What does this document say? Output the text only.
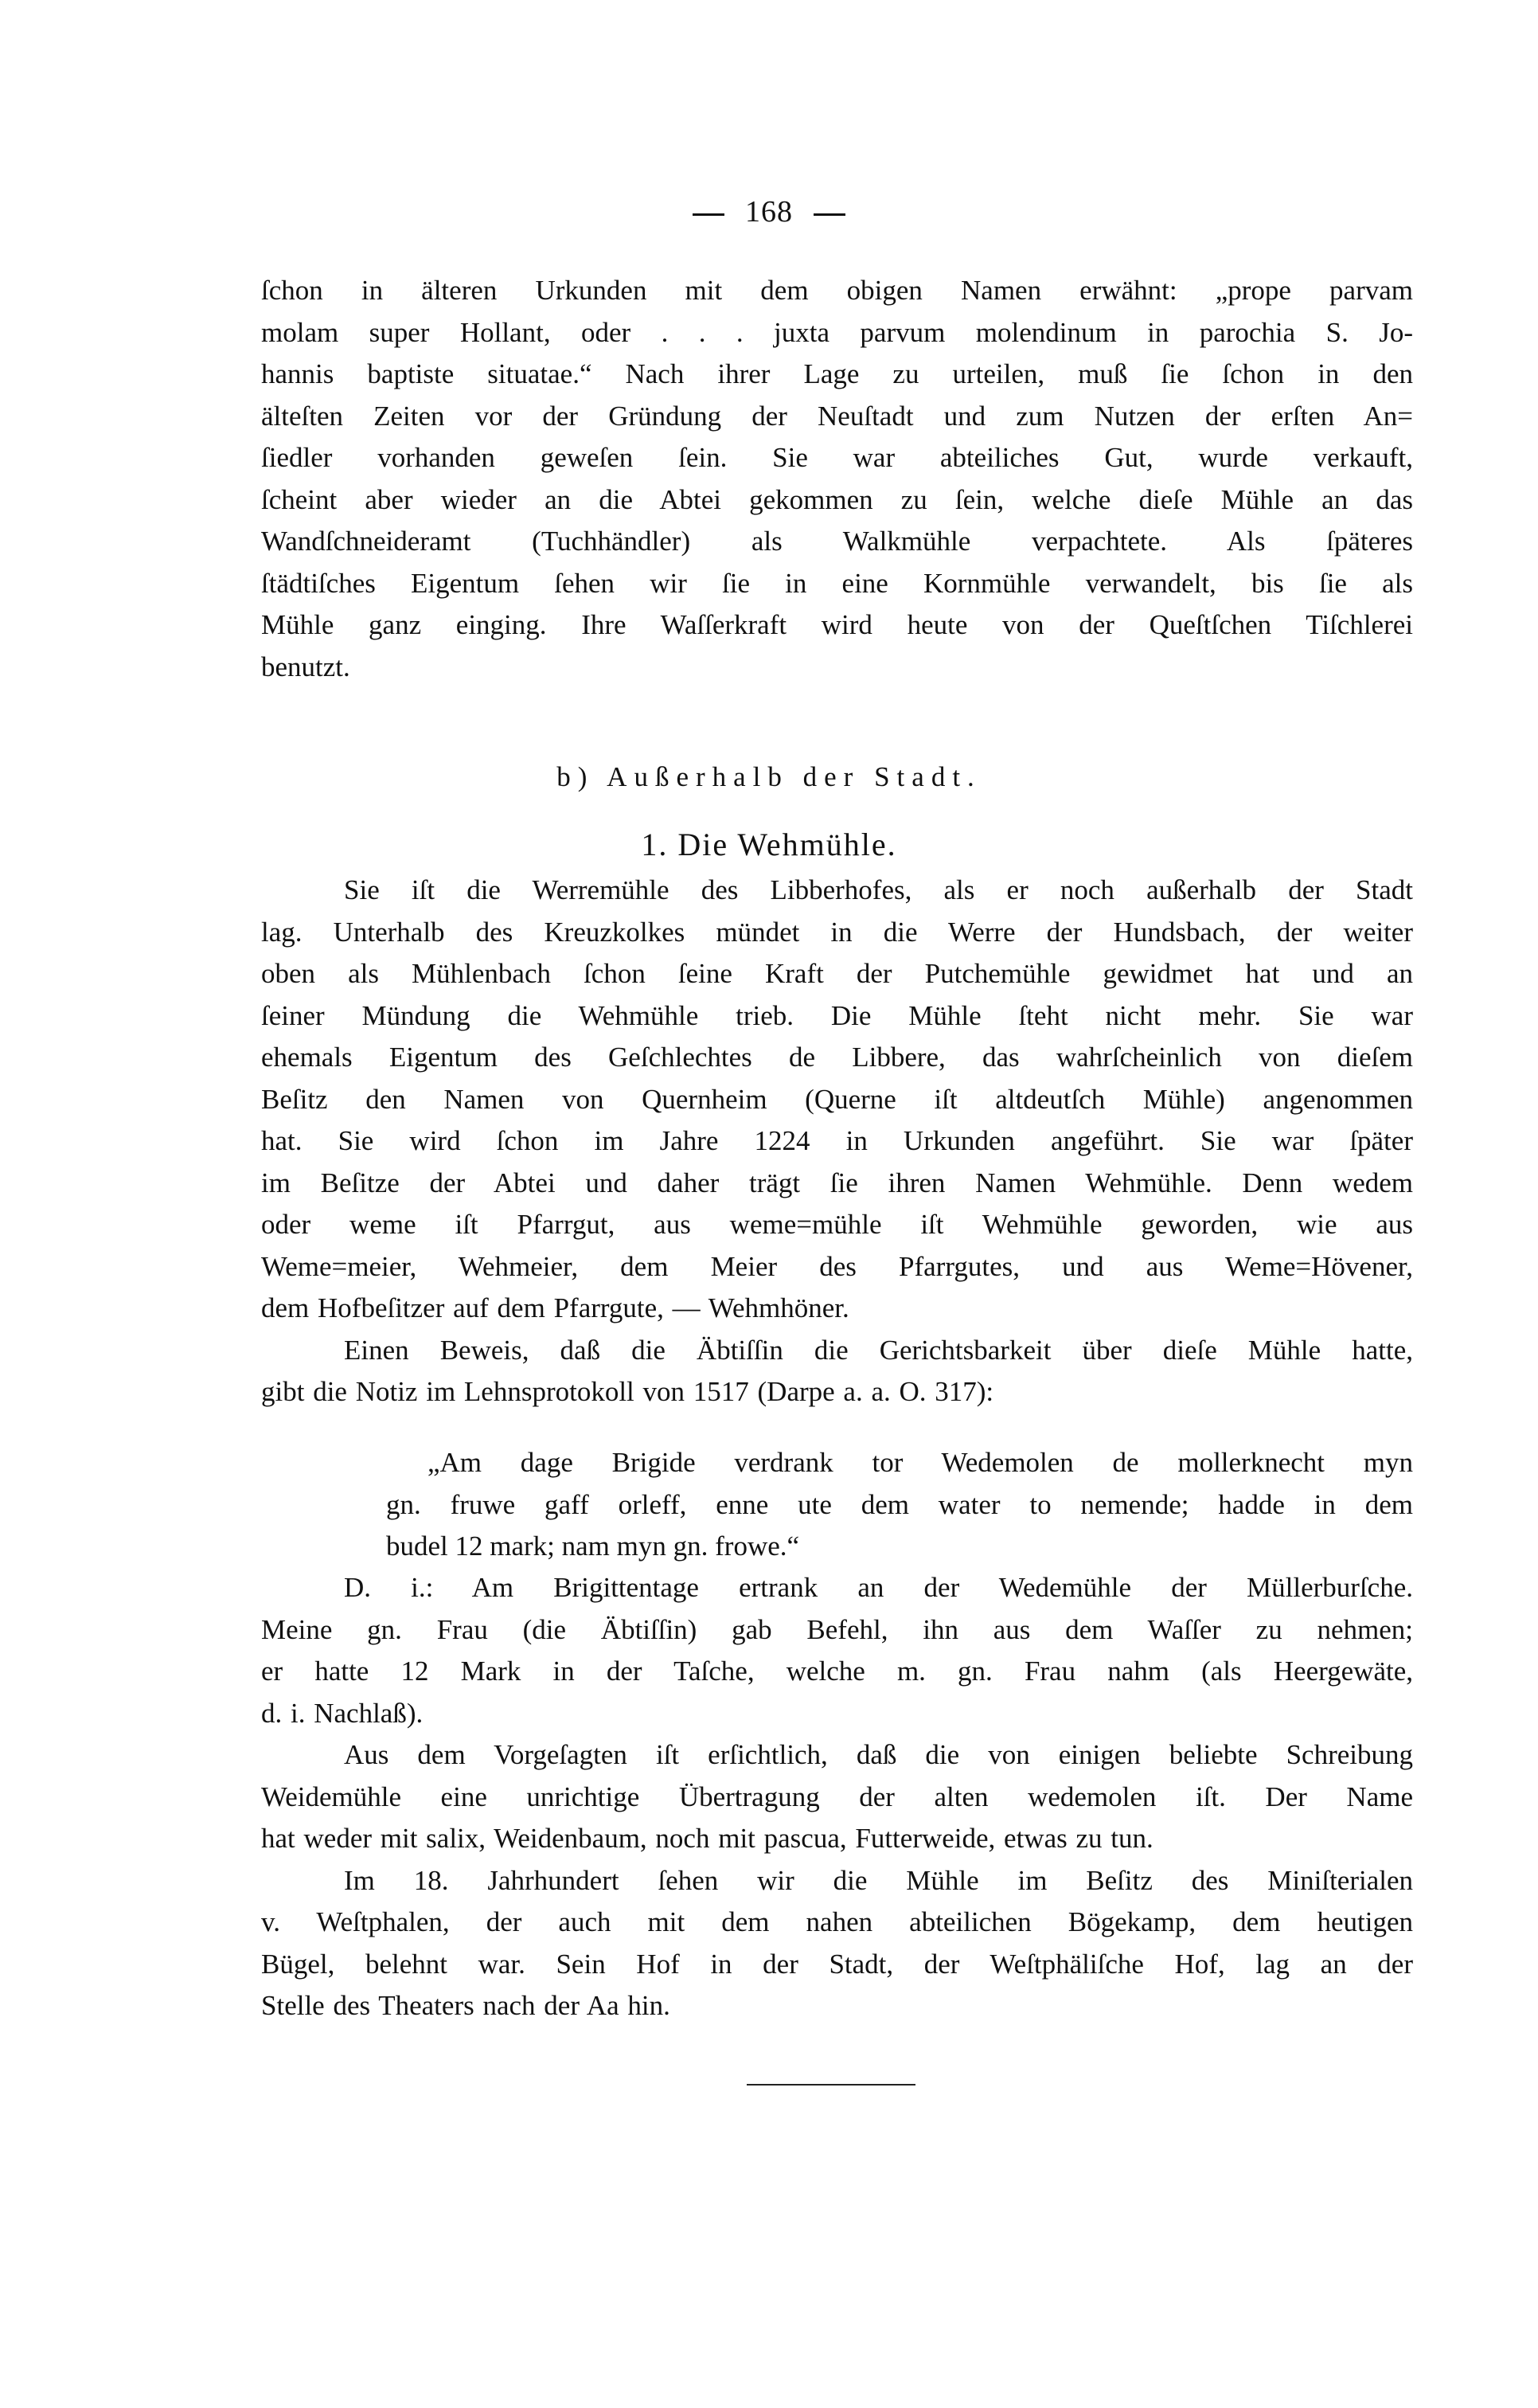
168
ſchon in älteren Urkunden mit dem obigen Namen erwähnt: „prope parvam
molam super Hollant, oder . . . juxta parvum molendinum in parochia S. Jo-
hannis baptiste situatae.“ Nach ihrer Lage zu urteilen, muß ſie ſchon in den
älteſten Zeiten vor der Gründung der Neuſtadt und zum Nutzen der erſten An=
ſiedler vorhanden geweſen ſein. Sie war abteiliches Gut, wurde verkauft,
ſcheint aber wieder an die Abtei gekommen zu ſein, welche dieſe Mühle an das
Wandſchneideramt (Tuchhändler) als Walkmühle verpachtete. Als ſpäteres
ſtädtiſches Eigentum ſehen wir ſie in eine Kornmühle verwandelt, bis ſie als
Mühle ganz einging. Ihre Waſſerkraft wird heute von der Queſtſchen Tiſchlerei
benutzt.
b) Außerhalb der Stadt.
1. Die Wehmühle.
Sie iſt die Werremühle des Libberhofes, als er noch außerhalb der Stadt
lag. Unterhalb des Kreuzkolkes mündet in die Werre der Hundsbach, der weiter
oben als Mühlenbach ſchon ſeine Kraft der Putchemühle gewidmet hat und an
ſeiner Mündung die Wehmühle trieb. Die Mühle ſteht nicht mehr. Sie war
ehemals Eigentum des Geſchlechtes de Libbere, das wahrſcheinlich von dieſem
Beſitz den Namen von Quernheim (Querne iſt altdeutſch Mühle) angenommen
hat. Sie wird ſchon im Jahre 1224 in Urkunden angeführt. Sie war ſpäter
im Beſitze der Abtei und daher trägt ſie ihren Namen Wehmühle. Denn wedem
oder weme iſt Pfarrgut, aus weme=mühle iſt Wehmühle geworden, wie aus
Weme=meier, Wehmeier, dem Meier des Pfarrgutes, und aus Weme=Hövener,
dem Hofbeſitzer auf dem Pfarrgute, — Wehmhöner.
Einen Beweis, daß die Äbtiſſin die Gerichtsbarkeit über dieſe Mühle hatte,
gibt die Notiz im Lehnsprotokoll von 1517 (Darpe a. a. O. 317):
„Am dage Brigide verdrank tor Wedemolen de mollerknecht myn
gn. fruwe gaff orleff, enne ute dem water to nemende; hadde in dem
budel 12 mark; nam myn gn. frowe.“
D. i.: Am Brigittentage ertrank an der Wedemühle der Müllerburſche.
Meine gn. Frau (die Äbtiſſin) gab Befehl, ihn aus dem Waſſer zu nehmen;
er hatte 12 Mark in der Taſche, welche m. gn. Frau nahm (als Heergewäte,
d. i. Nachlaß).
Aus dem Vorgeſagten iſt erſichtlich, daß die von einigen beliebte Schreibung
Weidemühle eine unrichtige Übertragung der alten wedemolen iſt. Der Name
hat weder mit salix, Weidenbaum, noch mit pascua, Futterweide, etwas zu tun.
Im 18. Jahrhundert ſehen wir die Mühle im Beſitz des Miniſterialen
v. Weſtphalen, der auch mit dem nahen abteilichen Bögekamp, dem heutigen
Bügel, belehnt war. Sein Hof in der Stadt, der Weſtphäliſche Hof, lag an der
Stelle des Theaters nach der Aa hin.
